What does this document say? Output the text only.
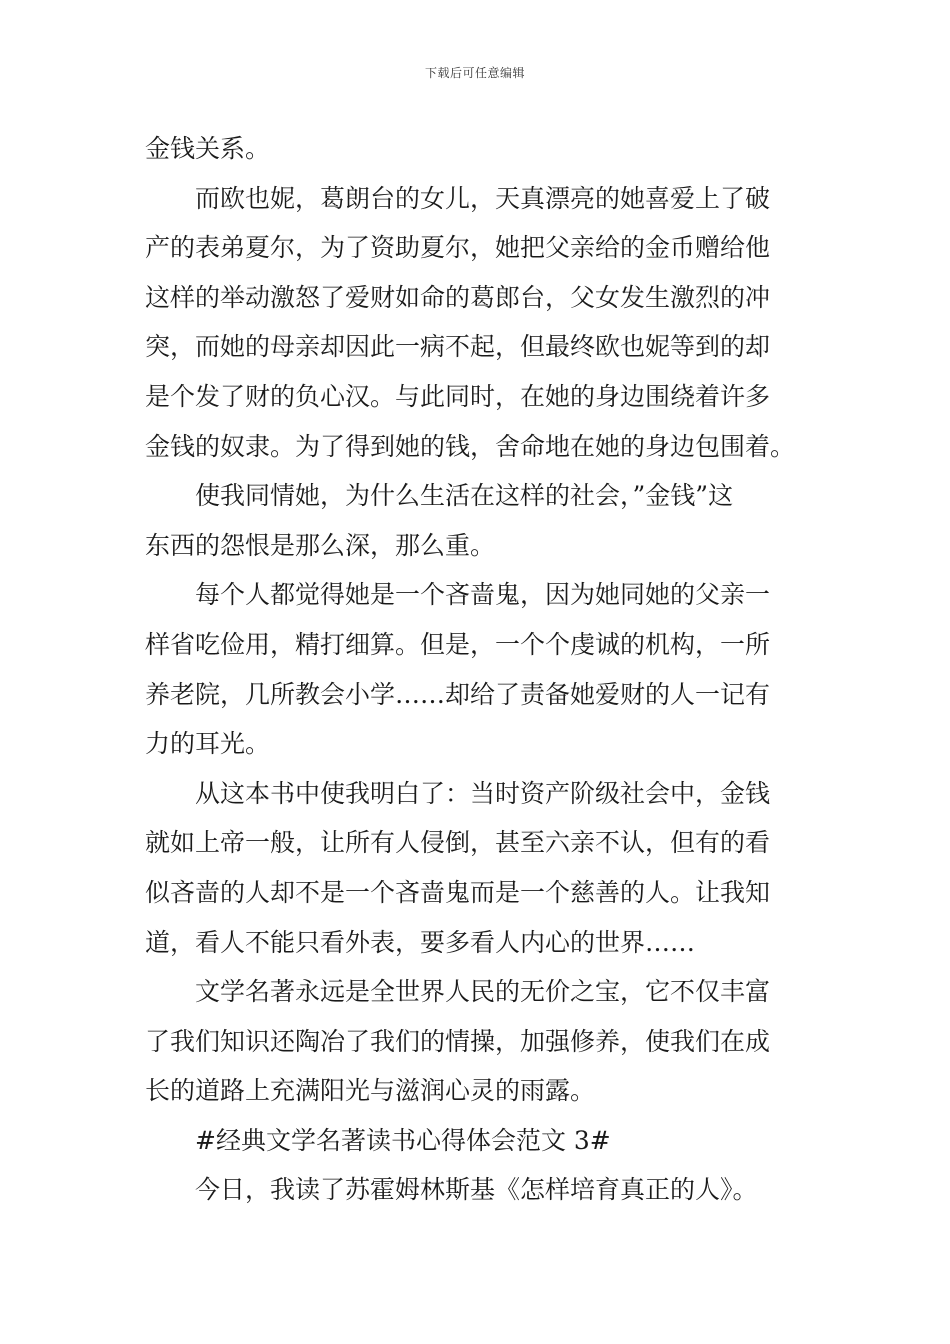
下载后可任意编辑
金钱关系。
而欧也妮，葛朗台的女儿，天真漂亮的她喜爱上了破
产的表弟夏尔，为了资助夏尔，她把父亲给的金币赠给他
这样的举动激怒了爱财如命的葛郎台，父女发生激烈的冲
突，而她的母亲却因此一病不起，但最终欧也妮等到的却
是个发了财的负心汉。与此同时，在她的身边围绕着许多
金钱的奴隶。为了得到她的钱，舍命地在她的身边包围着。
使我同情她，为什么生活在这样的社会，”金钱”这
东西的怨恨是那么深，那么重。
每个人都觉得她是一个吝啬鬼，因为她同她的父亲一
样省吃俭用，精打细算。但是，一个个虔诚的机构，一所
养老院，几所教会小学……却给了责备她爱财的人一记有
力的耳光。
从这本书中使我明白了：当时资产阶级社会中，金钱
就如上帝一般，让所有人侵倒，甚至六亲不认，但有的看
似吝啬的人却不是一个吝啬鬼而是一个慈善的人。让我知
道，看人不能只看外表，要多看人内心的世界……
文学名著永远是全世界人民的无价之宝，它不仅丰富
了我们知识还陶冶了我们的情操，加强修养，使我们在成
长的道路上充满阳光与滋润心灵的雨露。
#经典文学名著读书心得体会范文 3#
今日，我读了苏霍姆林斯基《怎样培育真正的人》。
